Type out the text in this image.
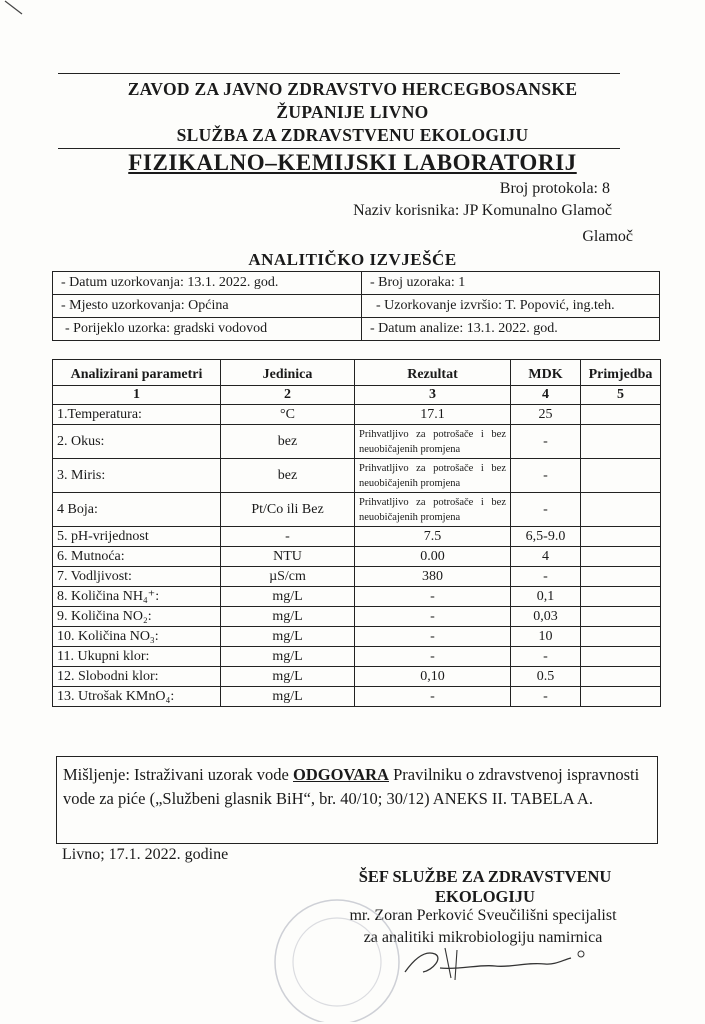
ZAVOD ZA JAVNO ZDRAVSTVO HERCEGBOSANSKE
ŽUPANIJE LIVNO
SLUŽBA ZA ZDRAVSTVENU EKOLOGIJU
FIZIKALNO–KEMIJSKI LABORATORIJ
Broj protokola: 8
Naziv korisnika: JP Komunalno Glamoč
Glamoč
ANALITIČKO IZVJEŠĆE
- Datum uzorkovanja: 13.1. 2022. god.	- Broj uzoraka: 1
- Mjesto uzorkovanja: Općina	- Uzorkovanje izvršio: T. Popović, ing.teh.
- Porijeklo uzorka: gradski vodovod	- Datum analize: 13.1. 2022. god.
Analizirani parametri	Jedinica	Rezultat	MDK	Primjedba
1	2	3	4	5
1.Temperatura:	°C	17.1	25	
2. Okus:	bez	Prihvatljivo za potrošače i bez neuobičajenih promjena	-	
3. Miris:	bez	Prihvatljivo za potrošače i bez neuobičajenih promjena	-	
4 Boja:	Pt/Co ili Bez	Prihvatljivo za potrošače i bez neuobičajenih promjena	-	
5. pH-vrijednost	-	7.5	6,5-9.0	
6. Mutnoća:	NTU	0.00	4	
7. Vodljivost:	µS/cm	380	-	
8. Količina NH₄⁺:	mg/L	-	0,1	
9. Količina NO₂:	mg/L	-	0,03	
10. Količina NO₃:	mg/L	-	10	
11. Ukupni klor:	mg/L	-	-	
12. Slobodni klor:	mg/L	0,10	0.5	
13. Utrošak KMnO₄:	mg/L	-	-	

Mišljenje: Istraživani uzorak vode ODGOVARA Pravilniku o zdravstvenoj ispravnosti vode za piće („Službeni glasnik BiH“, br. 40/10; 30/12) ANEKS II. TABELA A.

Livno; 17.1. 2022. godine
ŠEF SLUŽBE ZA ZDRAVSTVENU
EKOLOGIJU
mr. Zoran Perković Sveučilišni specijalist
za analitiki mikrobiologiju namirnica
